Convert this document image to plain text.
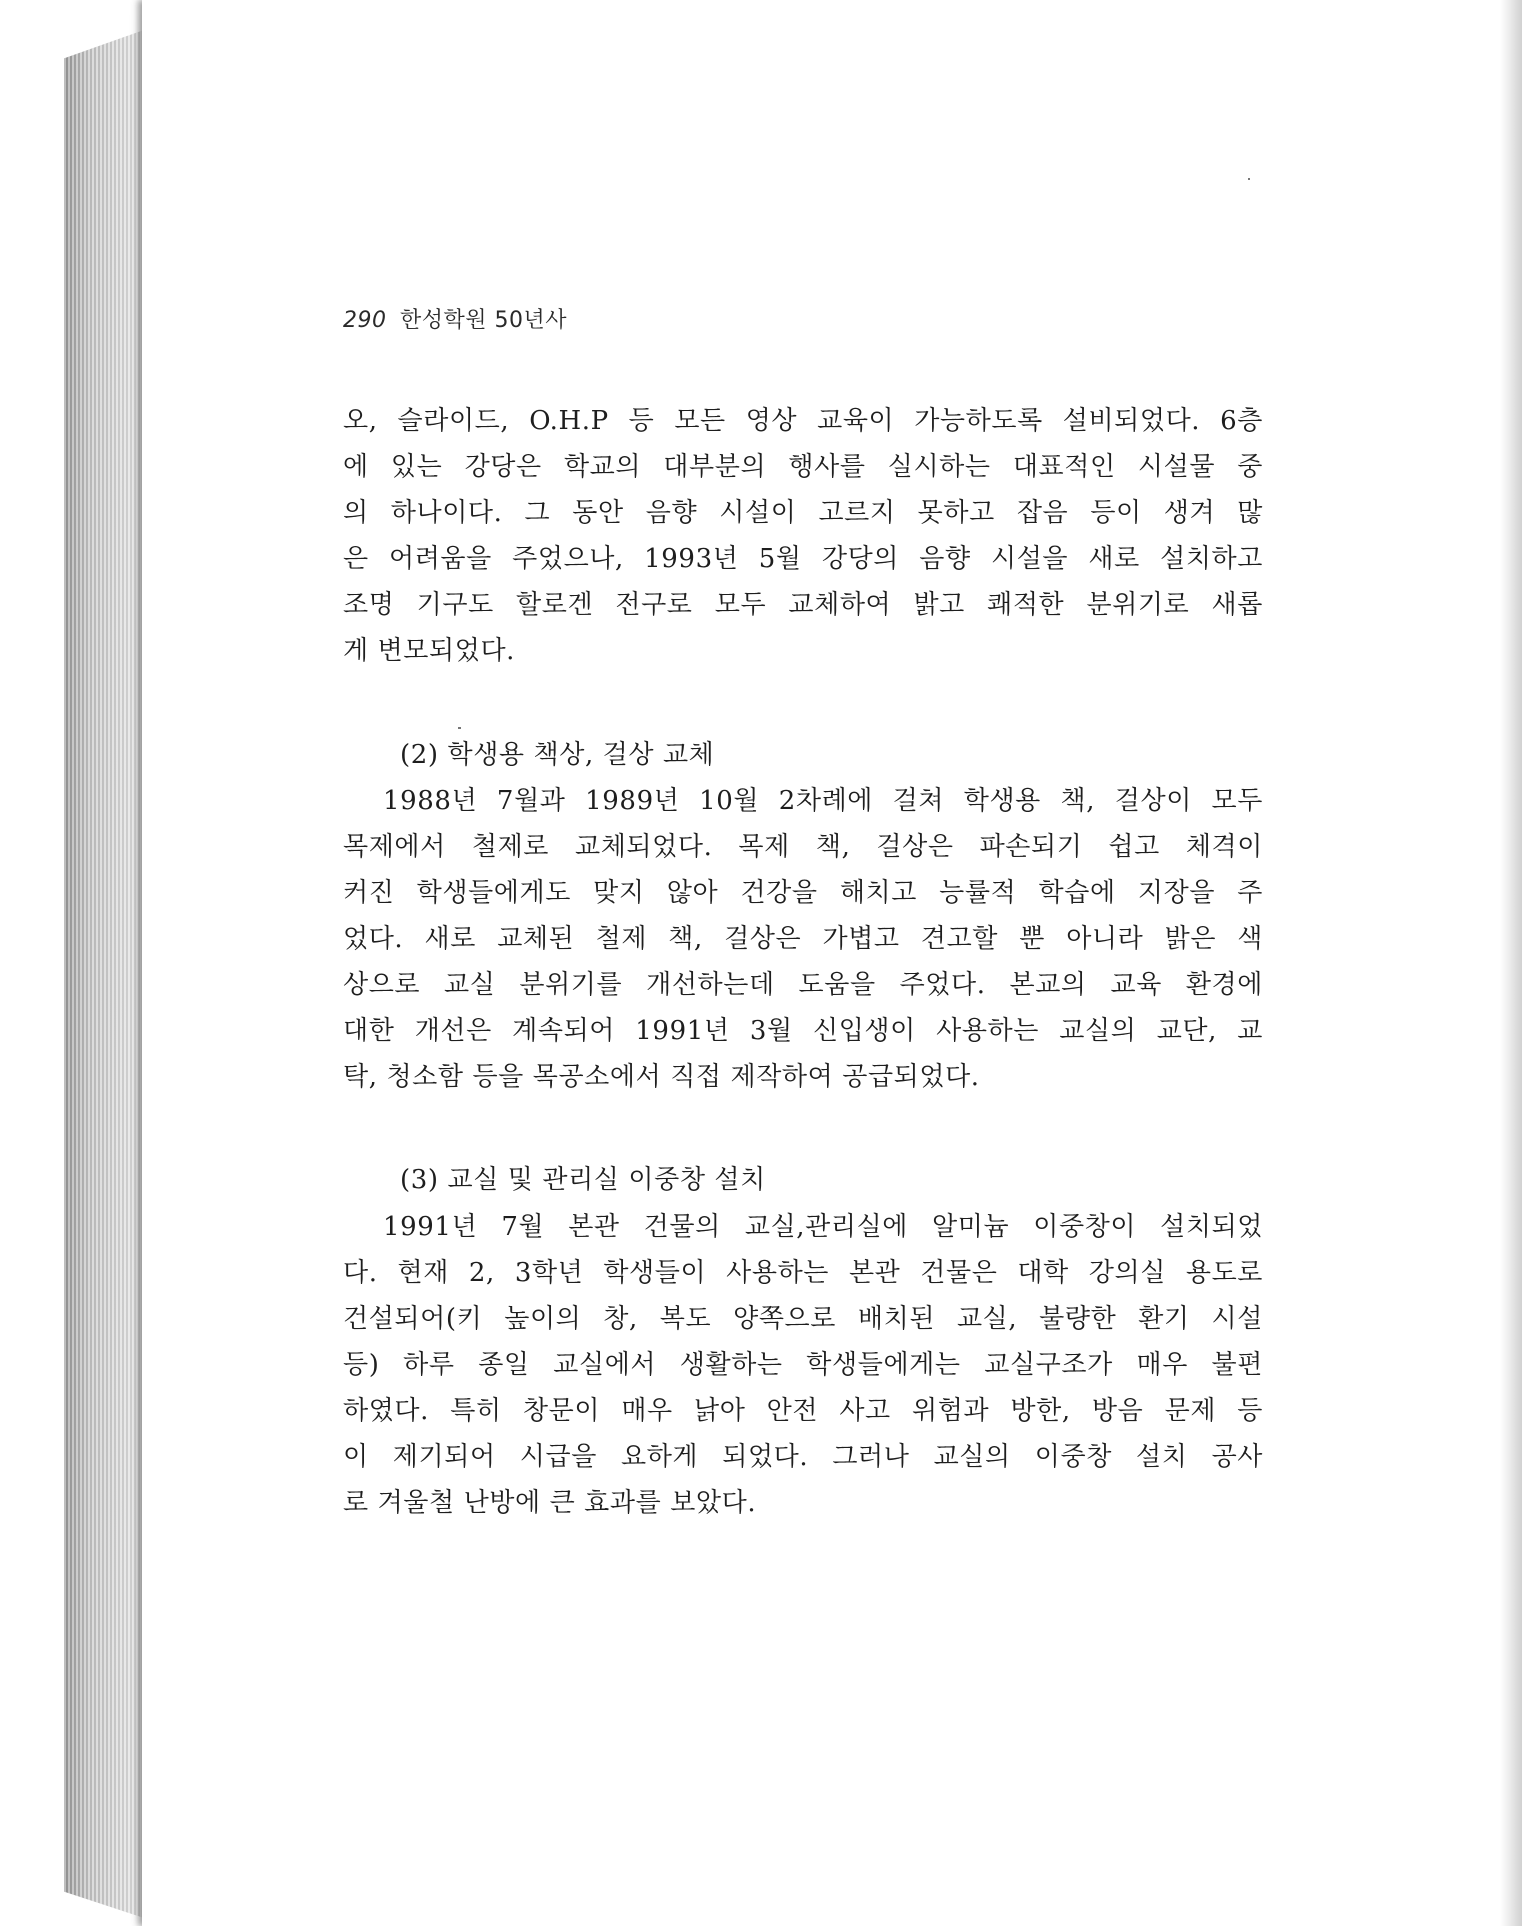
290 한성학원 50년사
오, 슬라이드, O.H.P 등 모든 영상 교육이 가능하도록 설비되었다. 6층
에 있는 강당은 학교의 대부분의 행사를 실시하는 대표적인 시설물 중
의 하나이다. 그 동안 음향 시설이 고르지 못하고 잡음 등이 생겨 많
은 어려움을 주었으나, 1993년 5월 강당의 음향 시설을 새로 설치하고
조명 기구도 할로겐 전구로 모두 교체하여 밝고 쾌적한 분위기로 새롭
게 변모되었다.
(2) 학생용 책상, 걸상 교체
1988년 7월과 1989년 10월 2차례에 걸쳐 학생용 책, 걸상이 모두
목제에서 철제로 교체되었다. 목제 책, 걸상은 파손되기 쉽고 체격이
커진 학생들에게도 맞지 않아 건강을 해치고 능률적 학습에 지장을 주
었다. 새로 교체된 철제 책, 걸상은 가볍고 견고할 뿐 아니라 밝은 색
상으로 교실 분위기를 개선하는데 도움을 주었다. 본교의 교육 환경에
대한 개선은 계속되어 1991년 3월 신입생이 사용하는 교실의 교단, 교
탁, 청소함 등을 목공소에서 직접 제작하여 공급되었다.
(3) 교실 및 관리실 이중창 설치
1991년 7월 본관 건물의 교실,관리실에 알미늄 이중창이 설치되었
다. 현재 2, 3학년 학생들이 사용하는 본관 건물은 대학 강의실 용도로
건설되어(키 높이의 창, 복도 양쪽으로 배치된 교실, 불량한 환기 시설
등) 하루 종일 교실에서 생활하는 학생들에게는 교실구조가 매우 불편
하였다. 특히 창문이 매우 낡아 안전 사고 위험과 방한, 방음 문제 등
이 제기되어 시급을 요하게 되었다. 그러나 교실의 이중창 설치 공사
로 겨울철 난방에 큰 효과를 보았다.
